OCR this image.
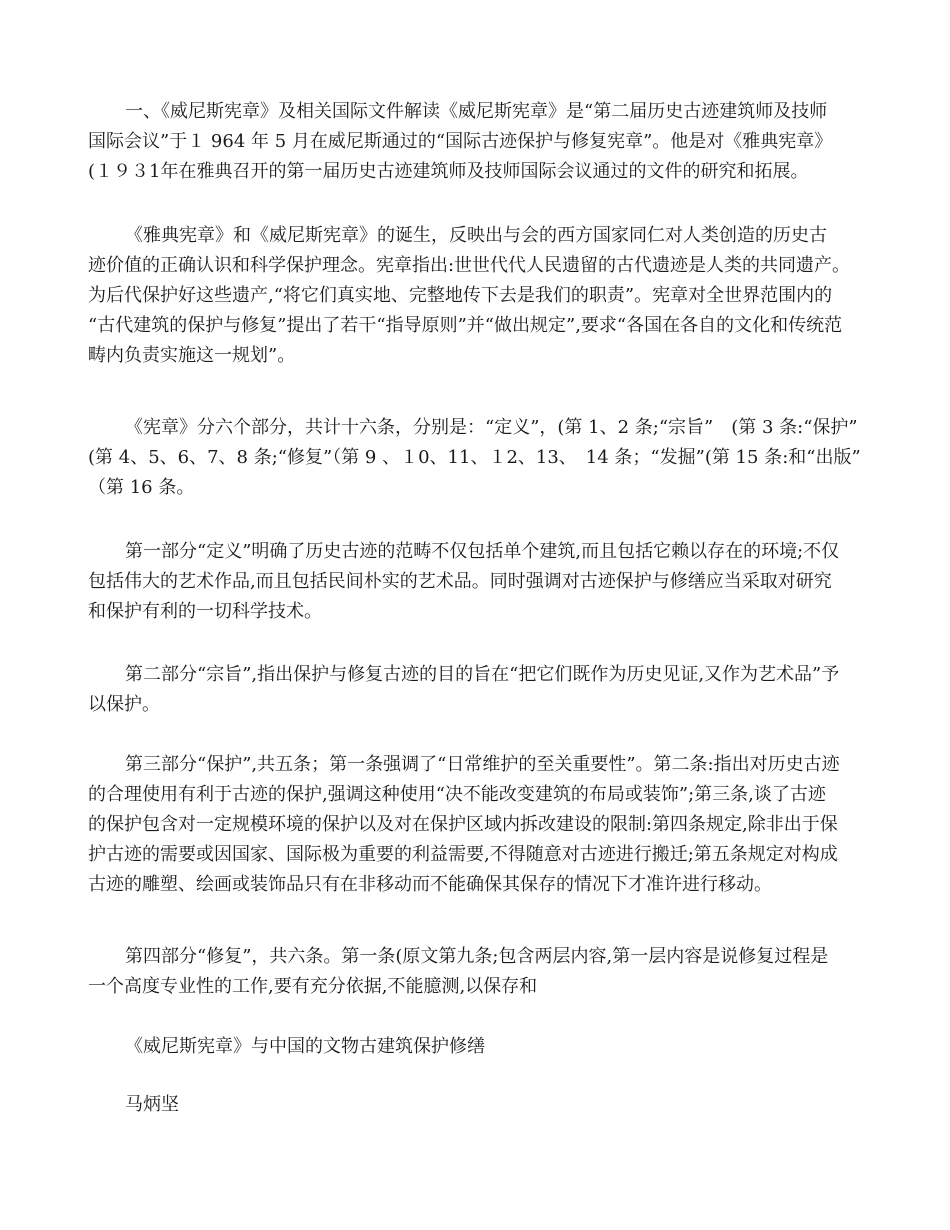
一、《威尼斯宪章》及相关国际文件解读《威尼斯宪章》是“第二届历史古迹建筑师及技师
国际会议”于１ 964 年 5 月在威尼斯通过的“国际古迹保护与修复宪章”。他是对《雅典宪章》
(１９３1年在雅典召开的第一届历史古迹建筑师及技师国际会议通过的文件的研究和拓展。
《雅典宪章》和《威尼斯宪章》的诞生，反映出与会的西方国家同仁对人类创造的历史古
迹价值的正确认识和科学保护理念。宪章指出:世世代代人民遗留的古代遗迹是人类的共同遗产。
为后代保护好这些遗产,“将它们真实地、完整地传下去是我们的职责”。宪章对全世界范围内的
“古代建筑的保护与修复”提出了若干“指导原则”并“做出规定”,要求“各国在各自的文化和传统范
畴内负责实施这一规划”。
《宪章》分六个部分，共计十六条，分别是：“定义”，(第 1、2 条;“宗旨”　(第 3 条:“保护”
(第 4、5、6、7、8 条;“修复”（第 9 、１0、11、１2、13、　14 条；“发掘”(第 15 条:和“出版”
（第 16 条。
第一部分“定义”明确了历史古迹的范畴不仅包括单个建筑,而且包括它赖以存在的环境;不仅
包括伟大的艺术作品,而且包括民间朴实的艺术品。同时强调对古迹保护与修缮应当采取对研究
和保护有利的一切科学技术。
第二部分“宗旨”,指出保护与修复古迹的目的旨在“把它们既作为历史见证,又作为艺术品”予
以保护。
第三部分“保护”,共五条；第一条强调了“日常维护的至关重要性”。第二条:指出对历史古迹
的合理使用有利于古迹的保护,强调这种使用“决不能改变建筑的布局或装饰”;第三条,谈了古迹
的保护包含对一定规模环境的保护以及对在保护区域内拆改建设的限制:第四条规定,除非出于保
护古迹的需要或因国家、国际极为重要的利益需要,不得随意对古迹进行搬迁;第五条规定对构成
古迹的雕塑、绘画或装饰品只有在非移动而不能确保其保存的情况下才准许进行移动。
第四部分“修复”，共六条。第一条(原文第九条;包含两层内容,第一层内容是说修复过程是
一个高度专业性的工作,要有充分依据,不能臆测,以保存和
《威尼斯宪章》与中国的文物古建筑保护修缮
马炳坚
